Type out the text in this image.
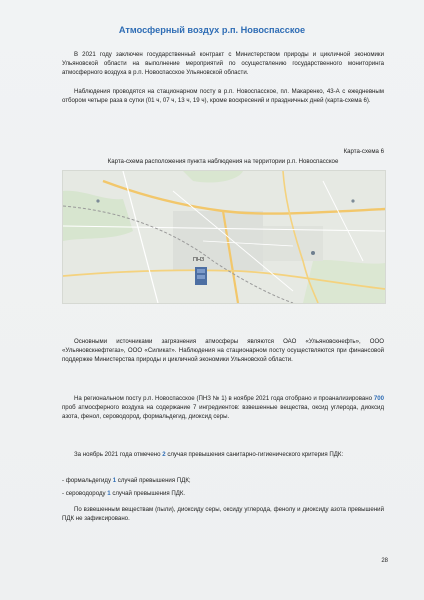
Атмосферный воздух р.п. Новоспасское

В 2021 году заключен государственный контракт с Министерством природы и цикличной экономики Ульяновской области на выполнение мероприятий по осуществлению государственного мониторинга атмосферного воздуха в р.п. Новоспасское Ульяновской области.

Наблюдения проводятся на стационарном посту в р.п. Новоспасское, пл. Макаренко, 43-А с ежедневным отбором четыре раза в сутки (01 ч, 07 ч, 13 ч, 19 ч), кроме воскресений и праздничных дней (карта-схема 6).

Карта-схема 6
Карта-схема расположения пункта наблюдения на территории р.п. Новоспасское
ПНЗ

Основными источниками загрязнения атмосферы являются ОАО «Ульяновскнефть», ООО «Ульяновскнефтегаз», ООО «Силикат». Наблюдения на стационарном посту осуществляются при финансовой поддержке Министерства природы и цикличной экономики Ульяновской области.

На региональном посту р.п. Новоспасское (ПНЗ № 1) в ноябре 2021 года отобрано и проанализировано 700 проб атмосферного воздуха на содержание 7 ингредиентов: взвешенные вещества, оксид углерода, диоксид азота, фенол, сероводород, формальдегид, диоксид серы.

За ноябрь 2021 года отмечено 2 случая превышения санитарно-гигиенического критерия ПДК:

- формальдегиду 1 случай превышения ПДК;
- сероводороду 1 случай превышения ПДК.

По взвешенным веществам (пыли), диоксиду серы, оксиду углерода, фенолу и диоксиду азота превышений ПДК не зафиксировано.

28
